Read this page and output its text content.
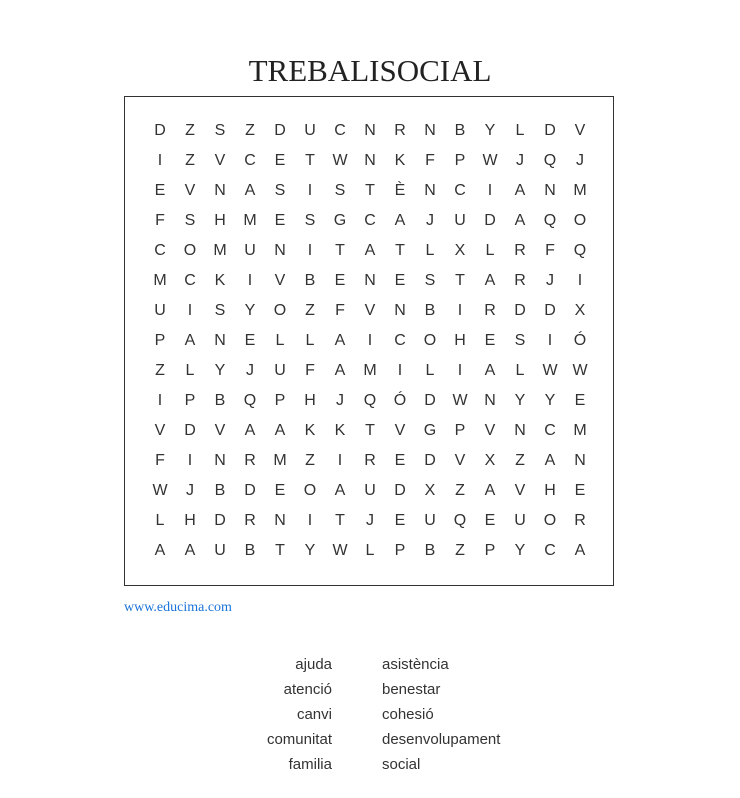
TREBALISOCIAL
D	Z	S	Z	D	U	C	N	R	N	B	Y	L	D	V
I	Z	V	C	E	T	W	N	K	F	P	W	J	Q	J
E	V	N	A	S	I	S	T	È	N	C	I	A	N	M
F	S	H	M	E	S	G	C	A	J	U	D	A	Q	O
C	O	M	U	N	I	T	A	T	L	X	L	R	F	Q
M	C	K	I	V	B	E	N	E	S	T	A	R	J	I
U	I	S	Y	O	Z	F	V	N	B	I	R	D	D	X
P	A	N	E	L	L	A	I	C	O	H	E	S	I	Ó
Z	L	Y	J	U	F	A	M	I	L	I	A	L	W W
I	P	B	Q	P	H	J	Q	Ó	D	W	N	Y	Y	E
V	D	V	A	A	K	K	T	V	G	P	V	N	C	M
F	I	N	R	M	Z	I	R	E	D	V	X	Z	A	N
W	J	B	D	E	O	A	U	D	X	Z	A	V	H	E
L	H	D	R	N	I	T	J	E	U	Q	E	U	O	R
A	A	U	B	T	Y	W	L	P	B	Z	P	Y	C	A
www.educima.com
ajuda	asistència
atenció	benestar
canvi	cohesió
comunitat	desenvolupament
familia	social
